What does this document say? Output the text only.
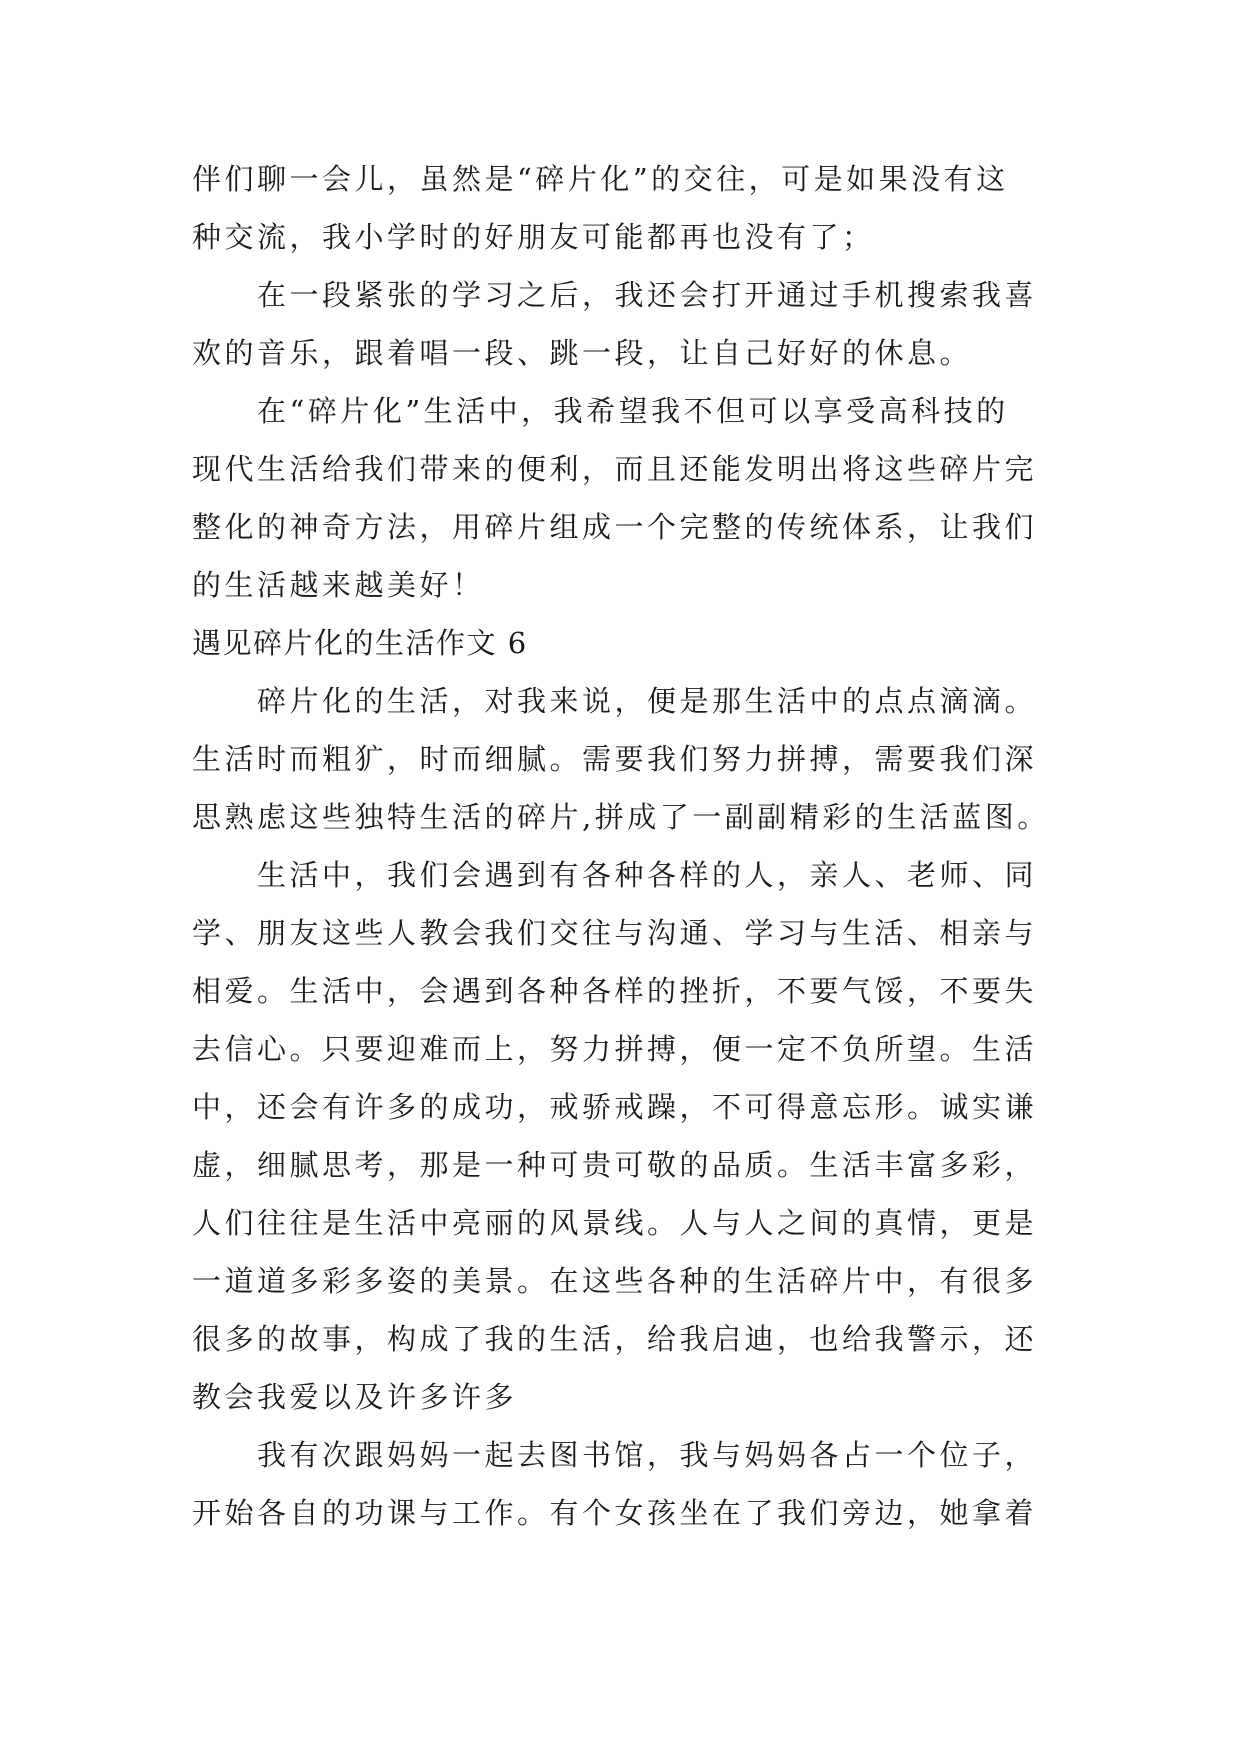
伴们聊一会儿，虽然是“碎片化”的交往，可是如果没有这
种交流，我小学时的好朋友可能都再也没有了；
　　在一段紧张的学习之后，我还会打开通过手机搜索我喜
欢的音乐，跟着唱一段、跳一段，让自己好好的休息。
　　在“碎片化”生活中，我希望我不但可以享受高科技的
现代生活给我们带来的便利，而且还能发明出将这些碎片完
整化的神奇方法，用碎片组成一个完整的传统体系，让我们
的生活越来越美好！
遇见碎片化的生活作文 6
　　碎片化的生活，对我来说，便是那生活中的点点滴滴。
生活时而粗犷，时而细腻。需要我们努力拼搏，需要我们深
思熟虑这些独特生活的碎片,拼成了一副副精彩的生活蓝图。
　　生活中，我们会遇到有各种各样的人，亲人、老师、同
学、朋友这些人教会我们交往与沟通、学习与生活、相亲与
相爱。生活中，会遇到各种各样的挫折，不要气馁，不要失
去信心。只要迎难而上，努力拼搏，便一定不负所望。生活
中，还会有许多的成功，戒骄戒躁，不可得意忘形。诚实谦
虚，细腻思考，那是一种可贵可敬的品质。生活丰富多彩，
人们往往是生活中亮丽的风景线。人与人之间的真情，更是
一道道多彩多姿的美景。在这些各种的生活碎片中，有很多
很多的故事，构成了我的生活，给我启迪，也给我警示，还
教会我爱以及许多许多
　　我有次跟妈妈一起去图书馆，我与妈妈各占一个位子，
开始各自的功课与工作。有个女孩坐在了我们旁边，她拿着
